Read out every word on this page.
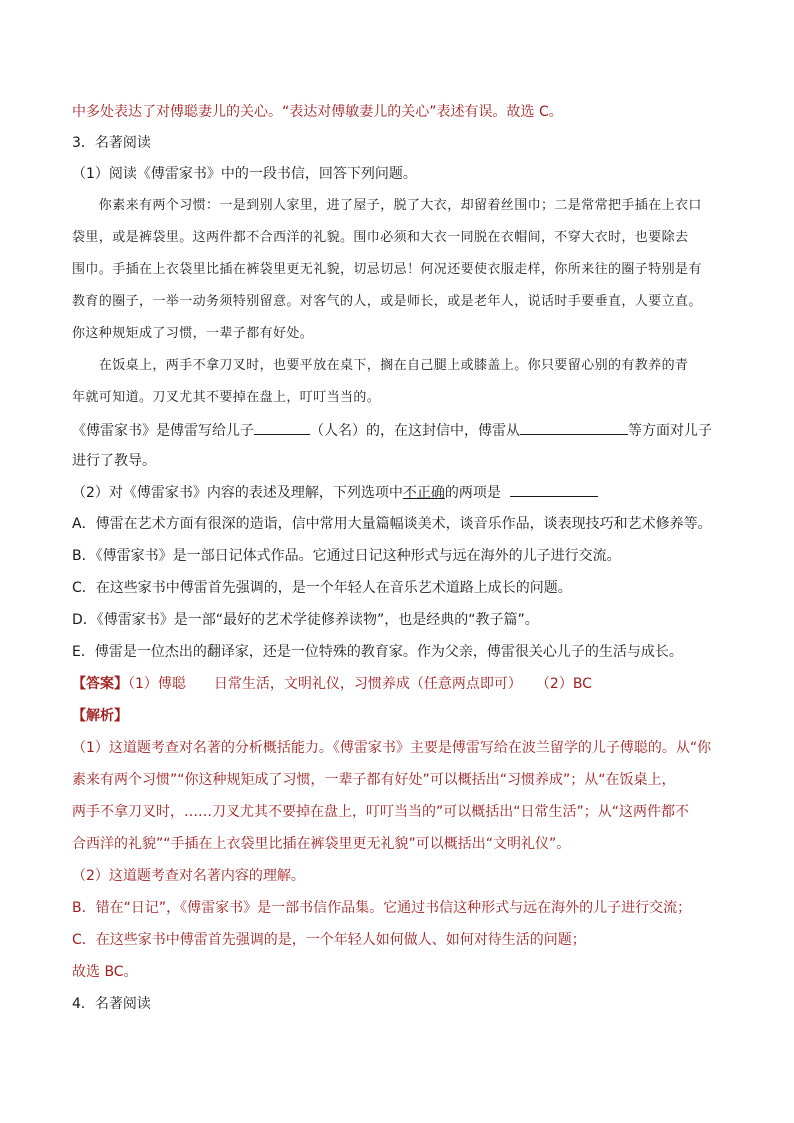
中多处表达了对傅聪妻儿的关心。“表达对傅敏妻儿的关心”表述有误。故选 C。
3．名著阅读
（1）阅读《傅雷家书》中的一段书信，回答下列问题。
　　你素来有两个习惯：一是到别人家里，进了屋子，脱了大衣，却留着丝围巾；二是常常把手插在上衣口
袋里，或是裤袋里。这两件都不合西洋的礼貌。围巾必须和大衣一同脱在衣帽间，不穿大衣时，也要除去
围巾。手插在上衣袋里比插在裤袋里更无礼貌，切忌切忌！何况还要使衣服走样，你所来往的圈子特别是有
教育的圈子，一举一动务须特别留意。对客气的人，或是师长，或是老年人，说话时手要垂直，人要立直。
你这种规矩成了习惯，一辈子都有好处。
　　在饭桌上，两手不拿刀叉时，也要平放在桌下，搁在自己腿上或膝盖上。你只要留心别的有教养的青
年就可知道。刀叉尤其不要掉在盘上，叮叮当当的。
《傅雷家书》是傅雷写给儿子	（人名）的，在这封信中，傅雷从	等方面对儿子
进行了教导。
（2）对《傅雷家书》内容的表述及理解，下列选项中不正确的两项是
A．傅雷在艺术方面有很深的造诣，信中常用大量篇幅谈美术，谈音乐作品，谈表现技巧和艺术修养等。
B．《傅雷家书》是一部日记体式作品。它通过日记这种形式与远在海外的儿子进行交流。
C．在这些家书中傅雷首先强调的，是一个年轻人在音乐艺术道路上成长的问题。
D．《傅雷家书》是一部“最好的艺术学徒修养读物”，也是经典的“教子篇”。
E．傅雷是一位杰出的翻译家，还是一位特殊的教育家。作为父亲，傅雷很关心儿子的生活与成长。
【答案】（1）傅聪　　日常生活，文明礼仪，习惯养成（任意两点即可）　　（2）BC
【解析】
（1）这道题考查对名著的分析概括能力。《傅雷家书》主要是傅雷写给在波兰留学的儿子傅聪的。从“你
素来有两个习惯”“你这种规矩成了习惯，一辈子都有好处”可以概括出“习惯养成”；从“在饭桌上，
两手不拿刀叉时，……刀叉尤其不要掉在盘上，叮叮当当的”可以概括出“日常生活”；从“这两件都不
合西洋的礼貌”“手插在上衣袋里比插在裤袋里更无礼貌”可以概括出“文明礼仪”。
（2）这道题考查对名著内容的理解。
B．错在“日记”，《傅雷家书》是一部书信作品集。它通过书信这种形式与远在海外的儿子进行交流；
C．在这些家书中傅雷首先强调的是，一个年轻人如何做人、如何对待生活的问题；
故选 BC。
4．名著阅读
